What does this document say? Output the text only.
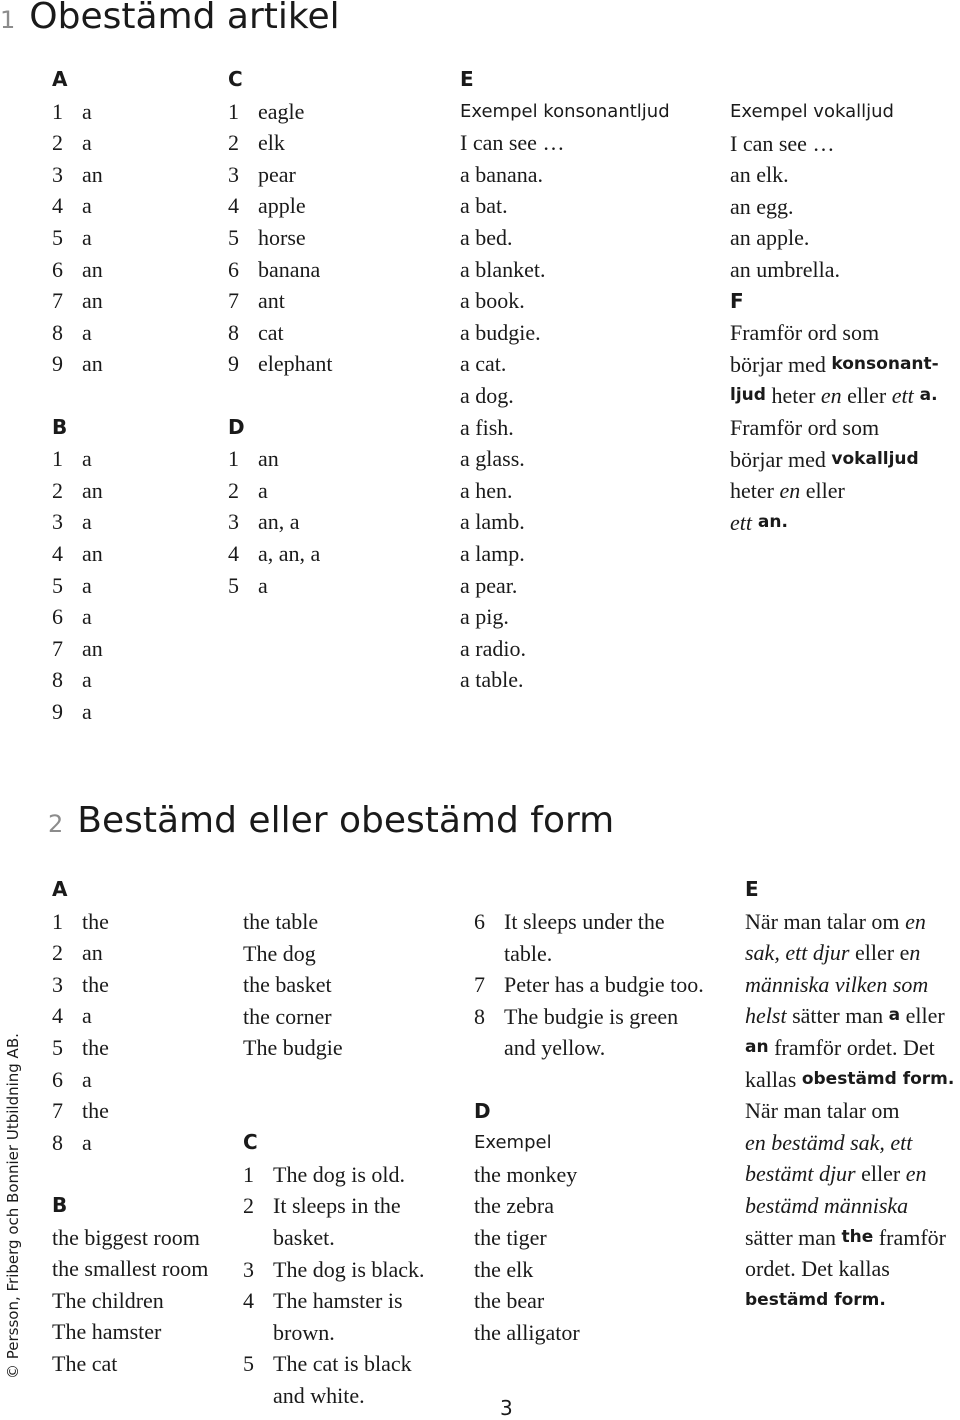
1 Obestämd artikel
A
1 a
2 a
3 an
4 a
5 a
6 an
7 an
8 a
9 an
B
1 a
2 an
3 a
4 an
5 a
6 a
7 an
8 a
9 a
C
1 eagle
2 elk
3 pear
4 apple
5 horse
6 banana
7 ant
8 cat
9 elephant
D
1 an
2 a
3 an, a
4 a, an, a
5 a
E
Exempel konsonantljud
I can see …
a banana.
a bat.
a bed.
a blanket.
a book.
a budgie.
a cat.
a dog.
a fish.
a glass.
a hen.
a lamb.
a lamp.
a pear.
a pig.
a radio.
a table.
Exempel vokalljud
I can see …
an elk.
an egg.
an apple.
an umbrella.
F
Framför ord som
börjar med
konsonant-
ljud heter en eller ett a.
Framför ord som
börjar med
vokalljud
heter en eller
ett an.
2 Bestämd eller obestämd form
A
1 the
2 an
3 the
4 a
5 the
6 a
7 the
8 a
B
the biggest room
the smallest room
The children
The hamster
The cat
the table
The dog
the basket
the corner
The budgie
C
1 The dog is old.
2 It sleeps in the
basket.
3 The dog is black.
4 The hamster is
brown.
5 The cat is black
and white.
6 It sleeps under the
table.
7 Peter has a budgie too.
8 The budgie is green
and yellow.
D
Exempel
the monkey
the zebra
the tiger
the elk
the bear
the alligator
E
När man talar om en
sak, ett djur eller e n
människa vilken som
helst sätter man a eller
an framför ordet. Det
kallas obestämd form.
När man talar om
en bestämd sak, ett
bestämt djur eller en
bestämd människa
sätter man the framför
ordet. Det kallas
bestämd form.
© Persson, Friberg och Bonnier Utbildning AB.
3
